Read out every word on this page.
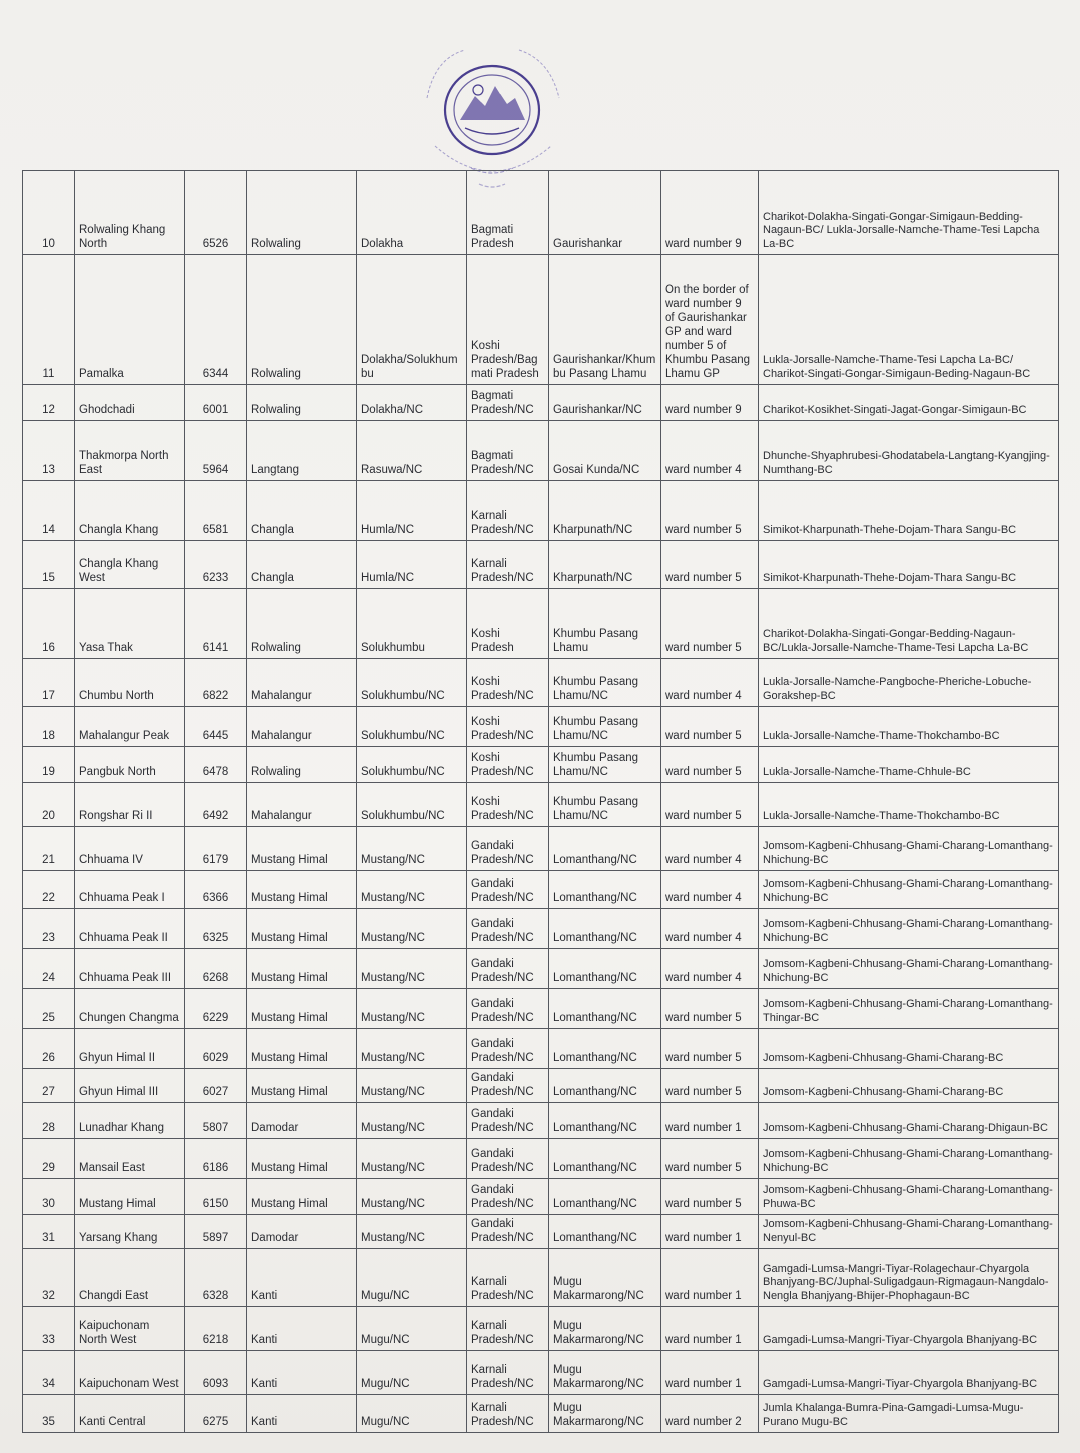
10	Rolwaling Khang North	6526	Rolwaling	Dolakha	Bagmati Pradesh	Gaurishankar	ward number 9	Charikot-Dolakha-Singati-Gongar-Simigaun-Bedding-Nagaun-BC/ Lukla-Jorsalle-Namche-Thame-Tesi Lapcha La-BC
11	Pamalka	6344	Rolwaling	Dolakha/Solukhumbu	Koshi Pradesh/Bagmati Pradesh	Gaurishankar/Khumbu Pasang Lhamu	On the border of ward number 9 of Gaurishankar GP and ward number 5 of Khumbu Pasang Lhamu GP	Lukla-Jorsalle-Namche-Thame-Tesi Lapcha La-BC/ Charikot-Singati-Gongar-Simigaun-Beding-Nagaun-BC
12	Ghodchadi	6001	Rolwaling	Dolakha/NC	Bagmati Pradesh/NC	Gaurishankar/NC	ward number 9	Charikot-Kosikhet-Singati-Jagat-Gongar-Simigaun-BC
13	Thakmorpa North East	5964	Langtang	Rasuwa/NC	Bagmati Pradesh/NC	Gosai Kunda/NC	ward number 4	Dhunche-Shyaphrubesi-Ghodatabela-Langtang-Kyangjing-Numthang-BC
14	Changla Khang	6581	Changla	Humla/NC	Karnali Pradesh/NC	Kharpunath/NC	ward number 5	Simikot-Kharpunath-Thehe-Dojam-Thara Sangu-BC
15	Changla Khang West	6233	Changla	Humla/NC	Karnali Pradesh/NC	Kharpunath/NC	ward number 5	Simikot-Kharpunath-Thehe-Dojam-Thara Sangu-BC
16	Yasa Thak	6141	Rolwaling	Solukhumbu	Koshi Pradesh	Khumbu Pasang Lhamu	ward number 5	Charikot-Dolakha-Singati-Gongar-Bedding-Nagaun-BC/Lukla-Jorsalle-Namche-Thame-Tesi Lapcha La-BC
17	Chumbu North	6822	Mahalangur	Solukhumbu/NC	Koshi Pradesh/NC	Khumbu Pasang Lhamu/NC	ward number 4	Lukla-Jorsalle-Namche-Pangboche-Pheriche-Lobuche-Gorakshep-BC
18	Mahalangur Peak	6445	Mahalangur	Solukhumbu/NC	Koshi Pradesh/NC	Khumbu Pasang Lhamu/NC	ward number 5	Lukla-Jorsalle-Namche-Thame-Thokchambo-BC
19	Pangbuk North	6478	Rolwaling	Solukhumbu/NC	Koshi Pradesh/NC	Khumbu Pasang Lhamu/NC	ward number 5	Lukla-Jorsalle-Namche-Thame-Chhule-BC
20	Rongshar Ri II	6492	Mahalangur	Solukhumbu/NC	Koshi Pradesh/NC	Khumbu Pasang Lhamu/NC	ward number 5	Lukla-Jorsalle-Namche-Thame-Thokchambo-BC
21	Chhuama IV	6179	Mustang Himal	Mustang/NC	Gandaki Pradesh/NC	Lomanthang/NC	ward number 4	Jomsom-Kagbeni-Chhusang-Ghami-Charang-Lomanthang-Nhichung-BC
22	Chhuama Peak I	6366	Mustang Himal	Mustang/NC	Gandaki Pradesh/NC	Lomanthang/NC	ward number 4	Jomsom-Kagbeni-Chhusang-Ghami-Charang-Lomanthang-Nhichung-BC
23	Chhuama Peak II	6325	Mustang Himal	Mustang/NC	Gandaki Pradesh/NC	Lomanthang/NC	ward number 4	Jomsom-Kagbeni-Chhusang-Ghami-Charang-Lomanthang-Nhichung-BC
24	Chhuama Peak III	6268	Mustang Himal	Mustang/NC	Gandaki Pradesh/NC	Lomanthang/NC	ward number 4	Jomsom-Kagbeni-Chhusang-Ghami-Charang-Lomanthang-Nhichung-BC
25	Chungen Changma	6229	Mustang Himal	Mustang/NC	Gandaki Pradesh/NC	Lomanthang/NC	ward number 5	Jomsom-Kagbeni-Chhusang-Ghami-Charang-Lomanthang-Thingar-BC
26	Ghyun Himal II	6029	Mustang Himal	Mustang/NC	Gandaki Pradesh/NC	Lomanthang/NC	ward number 5	Jomsom-Kagbeni-Chhusang-Ghami-Charang-BC
27	Ghyun Himal III	6027	Mustang Himal	Mustang/NC	Gandaki Pradesh/NC	Lomanthang/NC	ward number 5	Jomsom-Kagbeni-Chhusang-Ghami-Charang-BC
28	Lunadhar Khang	5807	Damodar	Mustang/NC	Gandaki Pradesh/NC	Lomanthang/NC	ward number 1	Jomsom-Kagbeni-Chhusang-Ghami-Charang-Dhigaun-BC
29	Mansail East	6186	Mustang Himal	Mustang/NC	Gandaki Pradesh/NC	Lomanthang/NC	ward number 5	Jomsom-Kagbeni-Chhusang-Ghami-Charang-Lomanthang-Nhichung-BC
30	Mustang Himal	6150	Mustang Himal	Mustang/NC	Gandaki Pradesh/NC	Lomanthang/NC	ward number 5	Jomsom-Kagbeni-Chhusang-Ghami-Charang-Lomanthang-Phuwa-BC
31	Yarsang Khang	5897	Damodar	Mustang/NC	Gandaki Pradesh/NC	Lomanthang/NC	ward number 1	Jomsom-Kagbeni-Chhusang-Ghami-Charang-Lomanthang-Nenyul-BC
32	Changdi East	6328	Kanti	Mugu/NC	Karnali Pradesh/NC	Mugu Makarmarong/NC	ward number 1	Gamgadi-Lumsa-Mangri-Tiyar-Rolagechaur-Chyargola Bhanjyang-BC/Juphal-Suligadgaun-Rigmagaun-Nangdalo-Nengla Bhanjyang-Bhijer-Phophagaun-BC
33	Kaipuchonam North West	6218	Kanti	Mugu/NC	Karnali Pradesh/NC	Mugu Makarmarong/NC	ward number 1	Gamgadi-Lumsa-Mangri-Tiyar-Chyargola Bhanjyang-BC
34	Kaipuchonam West	6093	Kanti	Mugu/NC	Karnali Pradesh/NC	Mugu Makarmarong/NC	ward number 1	Gamgadi-Lumsa-Mangri-Tiyar-Chyargola Bhanjyang-BC
35	Kanti Central	6275	Kanti	Mugu/NC	Karnali Pradesh/NC	Mugu Makarmarong/NC	ward number 2	Jumla Khalanga-Bumra-Pina-Gamgadi-Lumsa-Mugu-Purano Mugu-BC
